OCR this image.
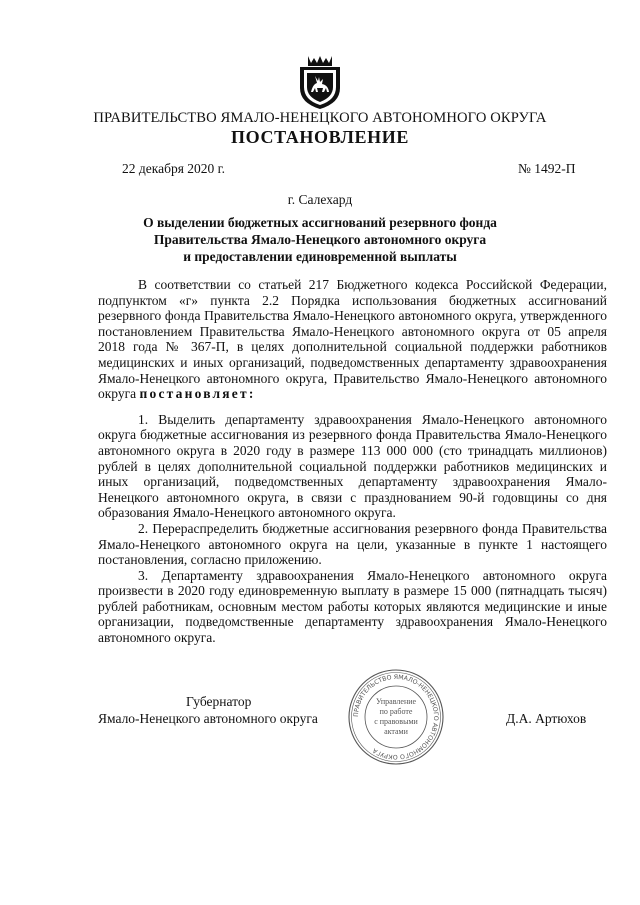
ПРАВИТЕЛЬСТВО ЯМАЛО-НЕНЕЦКОГО АВТОНОМНОГО ОКРУГА
ПОСТАНОВЛЕНИЕ
22 декабря 2020 г.	№ 1492-П
г. Салехард
О выделении бюджетных ассигнований резервного фонда
Правительства Ямало-Ненецкого автономного округа
и предоставлении единовременной выплаты

В соответствии со статьей 217 Бюджетного кодекса Российской Федерации, подпунктом «г» пункта 2.2 Порядка использования бюджетных ассигнований резервного фонда Правительства Ямало-Ненецкого автономного округа, утвержденного постановлением Правительства Ямало-Ненецкого автономного округа от 05 апреля 2018 года № 367-П, в целях дополнительной социальной поддержки работников медицинских и иных организаций, подведомственных департаменту здравоохранения Ямало-Ненецкого автономного округа, Правительство Ямало-Ненецкого автономного округа постановляет:

1. Выделить департаменту здравоохранения Ямало-Ненецкого автономного округа бюджетные ассигнования из резервного фонда Правительства Ямало-Ненецкого автономного округа в 2020 году в размере 113 000 000 (сто тринадцать миллионов) рублей в целях дополнительной социальной поддержки работников медицинских и иных организаций, подведомственных департаменту здравоохранения Ямало-Ненецкого автономного округа, в связи с празднованием 90-й годовщины со дня образования Ямало-Ненецкого автономного округа.

2. Перераспределить бюджетные ассигнования резервного фонда Правительства Ямало-Ненецкого автономного округа на цели, указанные в пункте 1 настоящего постановления, согласно приложению.

3. Департаменту здравоохранения Ямало-Ненецкого автономного округа произвести в 2020 году единовременную выплату в размере 15 000 (пятнадцать тысяч) рублей работникам, основным местом работы которых являются медицинские и иные организации, подведомственные департаменту здравоохранения Ямало-Ненецкого автономного округа.

ПРАВИТЕЛЬСТВО ЯМАЛО-НЕНЕЦКОГО АВТОНОМНОГО ОКРУГА
Управление
по работе
с правовыми
актами
Губернатор
Ямало-Ненецкого автономного округа	Д.А. Артюхов
